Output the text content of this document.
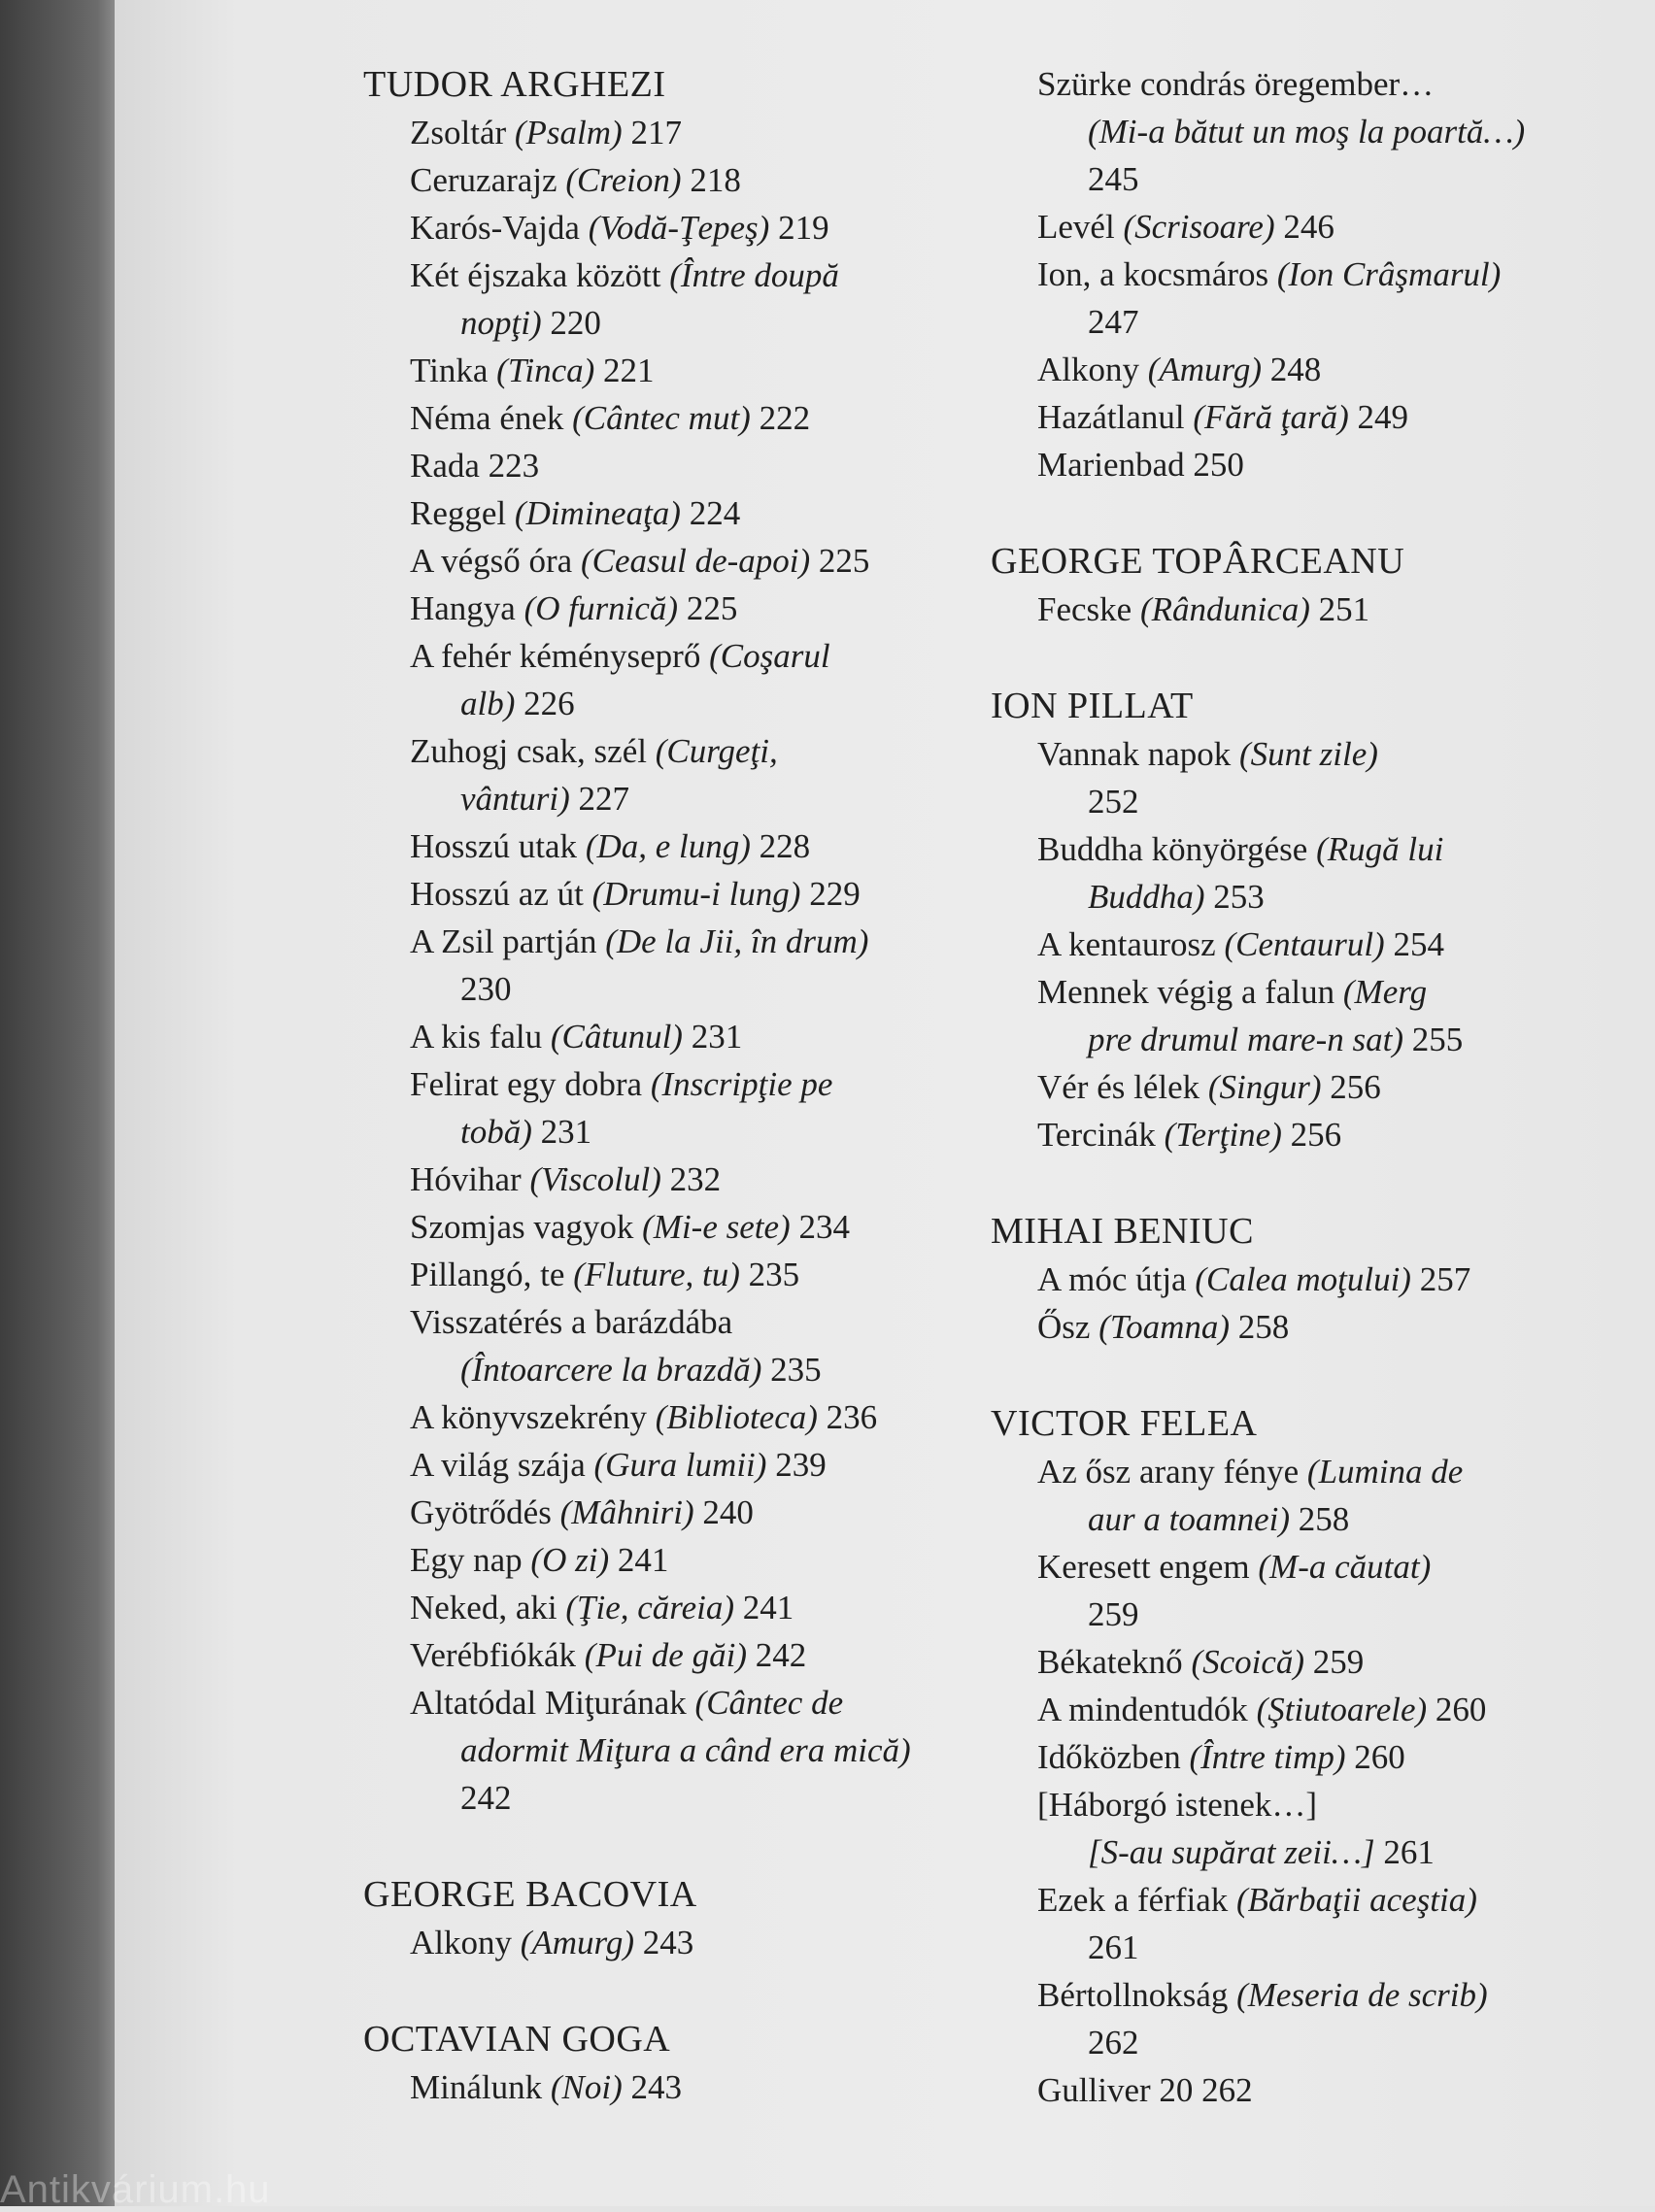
TUDOR ARGHEZI
Zsoltár (Psalm) 217
Ceruzarajz (Creion) 218
Karós-Vajda (Vodă-Ţepeş) 219
Két éjszaka között (Între doupă
nopţi) 220
Tinka (Tinca) 221
Néma ének (Cântec mut) 222
Rada 223
Reggel (Dimineaţa) 224
A végső óra (Ceasul de-apoi) 225
Hangya (O furnică) 225
A fehér kéményseprő (Coşarul
alb) 226
Zuhogj csak, szél (Curgeţi,
vânturi) 227
Hosszú utak (Da, e lung) 228
Hosszú az út (Drumu-i lung) 229
A Zsil partján (De la Jii, în drum)
230
A kis falu (Câtunul) 231
Felirat egy dobra (Inscripţie pe
tobă) 231
Hóvihar (Viscolul) 232
Szomjas vagyok (Mi-e sete) 234
Pillangó, te (Fluture, tu) 235
Visszatérés a barázdába
(Întoarcere la brazdă) 235
A könyvszekrény (Biblioteca) 236
A világ szája (Gura lumii) 239
Gyötrődés (Mâhniri) 240
Egy nap (O zi) 241
Neked, aki (Ţie, căreia) 241
Verébfiókák (Pui de găi) 242
Altatódal Miţurának (Cântec de
adormit Miţura a când era mică)
242
GEORGE BACOVIA
Alkony (Amurg) 243
OCTAVIAN GOGA
Minálunk (Noi) 243
Szürke condrás öregember…
(Mi-a bătut un moş la poartă…)
245
Levél (Scrisoare) 246
Ion, a kocsmáros (Ion Crâşmarul)
247
Alkony (Amurg) 248
Hazátlanul (Fără ţară) 249
Marienbad 250
GEORGE TOPÂRCEANU
Fecske (Rândunica) 251
ION PILLAT
Vannak napok (Sunt zile)
252
Buddha könyörgése (Rugă lui
Buddha) 253
A kentaurosz (Centaurul) 254
Mennek végig a falun (Merg
pre drumul mare-n sat) 255
Vér és lélek (Singur) 256
Tercinák (Terţine) 256
MIHAI BENIUC
A móc útja (Calea moţului) 257
Ősz (Toamna) 258
VICTOR FELEA
Az ősz arany fénye (Lumina de
aur a toamnei) 258
Keresett engem (M-a căutat)
259
Békateknő (Scoică) 259
A mindentudók (Ştiutoarele) 260
Időközben (Între timp) 260
[Háborgó istenek…]
[S-au supărat zeii…] 261
Ezek a férfiak (Bărbaţii aceştia)
261
Bértollnokság (Meseria de scrib)
262
Gulliver 20 262
Antikvárium.hu
